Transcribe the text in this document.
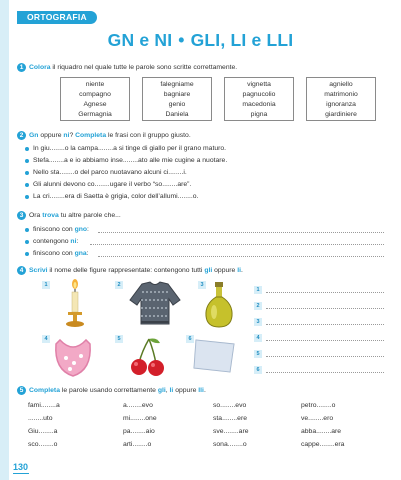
ORTOGRAFIA
GN e NI • GLI, LI e LLI
1 Colora il riquadro nel quale tutte le parole sono scritte correttamente.
niente
compagno
Agnese
Germagnia
falegniame
bagniare
genio
Daniela
vignetta
pagnucolio
macedonia
pigna
agniello
matrimonio
ignoranza
giardiniere
2 Gn oppure ni? Completa le frasi con il gruppo giusto.
In giu........o la campa........a si tinge di giallo per il grano maturo.
Stefa........a e io abbiamo inse........ato alle mie cugine a nuotare.
Nello sta........o del parco nuotavano alcuni ci........i.
Gli alunni devono co........ugare il verbo “so........are”.
La cri........era di Saetta è grigia, color dell’allumi........o.
3 Ora trova tu altre parole che...
finiscono con gno:
contengono ni:
finiscono con gna:
4 Scrivi il nome delle figure rappresentate: contengono tutti gli oppure li.
1	2	3
4	5	6
1
2
3
4
5
6
5 Completa le parole usando correttamente gli, li oppure lli.
fami........a	a........evo	so........evo	petro........o
........uto	mi........one	sta........ere	ve........ero
Giu........a	pa........aio	sve........are	abba........are
sco........o	arti........o	sona........o	cappe........era
130
